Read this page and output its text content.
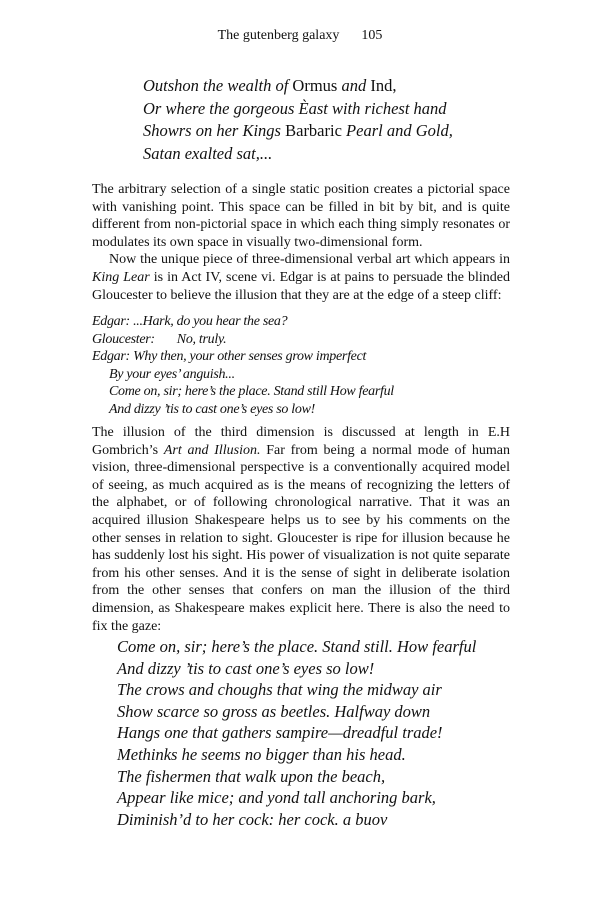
The gutenberg galaxy 105
Outshon the wealth of Ormus and Ind,
Or where the gorgeous Èast with richest hand
Showrs on her Kings Barbaric Pearl and Gold,
Satan exalted sat,...

The arbitrary selection of a single static position creates a pictorial space with vanishing point. This space can be filled in bit by bit, and is quite different from non-pictorial space in which each thing simply resonates or modulates its own space in visually two-dimensional form.

Now the unique piece of three-dimensional verbal art which appears in King Lear is in Act IV, scene vi. Edgar is at pains to persuade the blinded Gloucester to believe the illusion that they are at the edge of a steep cliff:

Edgar: ...Hark, do you hear the sea?
Gloucester: No, truly.
Edgar: Why then, your other senses grow imperfect
By your eyes’ anguish...
Come on, sir; here’s the place. Stand still How fearful
And dizzy ’tis to cast one’s eyes so low!

The illusion of the third dimension is discussed at length in E.H Gombrich’s Art and Illusion. Far from being a normal mode of human vision, three-dimensional perspective is a conventionally acquired model of seeing, as much acquired as is the means of recognizing the letters of the alphabet, or of following chronological narrative. That it was an acquired illusion Shakespeare helps us to see by his comments on the other senses in relation to sight. Gloucester is ripe for illusion because he has suddenly lost his sight. His power of visualization is not quite separate from his other senses. And it is the sense of sight in deliberate isolation from the other senses that confers on man the illusion of the third dimension, as Shakespeare makes explicit here. There is also the need to fix the gaze:

Come on, sir; here’s the place. Stand still. How fearful
And dizzy ’tis to cast one’s eyes so low!
The crows and choughs that wing the midway air
Show scarce so gross as beetles. Halfway down
Hangs one that gathers sampire—dreadful trade!
Methinks he seems no bigger than his head.
The fishermen that walk upon the beach,
Appear like mice; and yond tall anchoring bark,
Diminish’d to her cock: her cock. a buov
